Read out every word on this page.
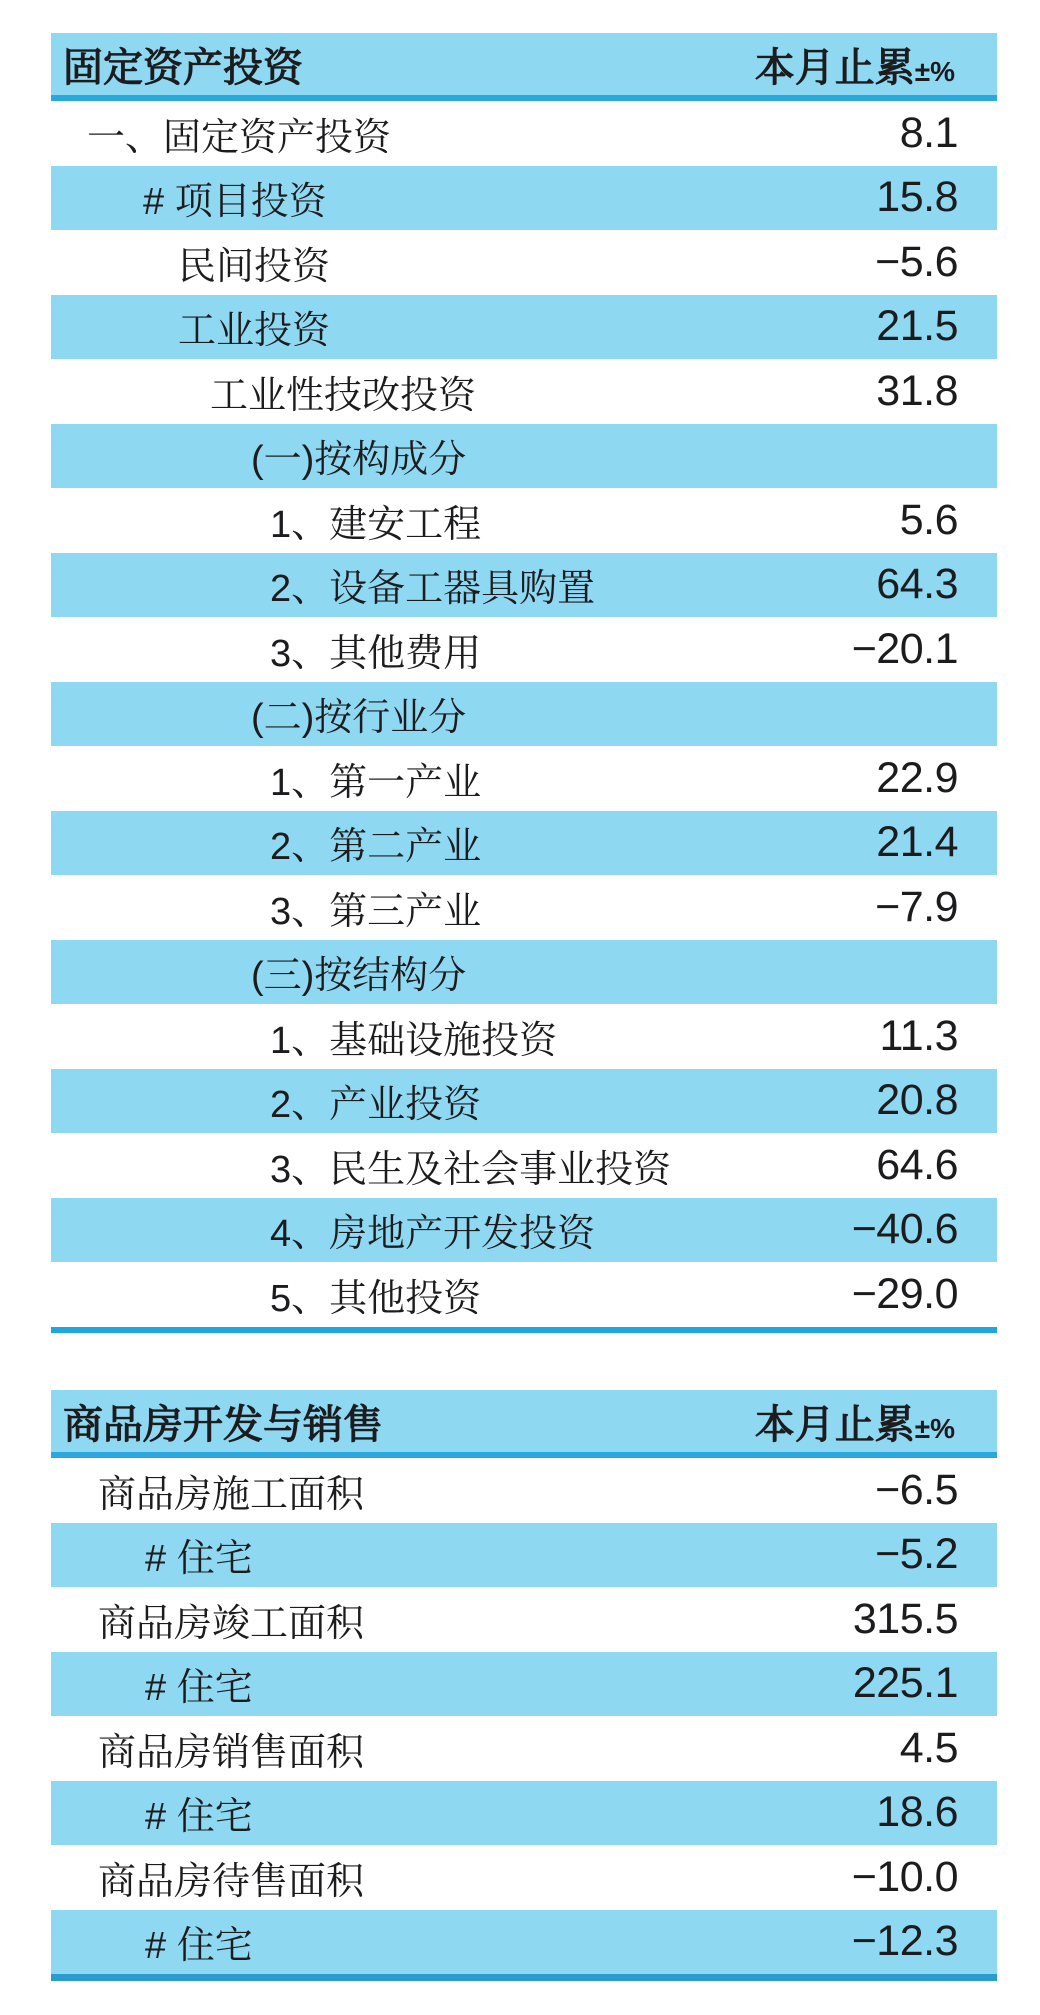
固定资产投资	本月止累±%
一、固定资产投资	8.1
# 项目投资	15.8
民间投资	−5.6
工业投资	21.5
工业性技改投资	31.8
(一)按构成分
1、建安工程	5.6
2、设备工器具购置	64.3
3、其他费用	−20.1
(二)按行业分
1、第一产业	22.9
2、第二产业	21.4
3、第三产业	−7.9
(三)按结构分
1、基础设施投资	11.3
2、产业投资	20.8
3、民生及社会事业投资	64.6
4、房地产开发投资	−40.6
5、其他投资	−29.0
商品房开发与销售	本月止累±%
商品房施工面积	−6.5
# 住宅	−5.2
商品房竣工面积	315.5
# 住宅	225.1
商品房销售面积	4.5
# 住宅	18.6
商品房待售面积	−10.0
# 住宅	−12.3
